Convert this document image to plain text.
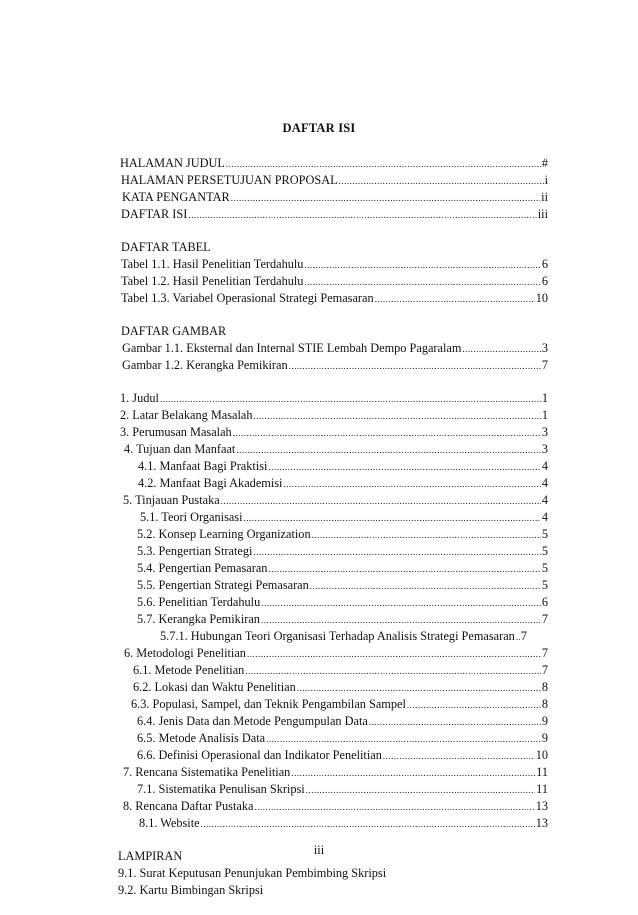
DAFTAR ISI
HALAMAN JUDUL .....	#
HALAMAN PERSETUJUAN PROPOSAL .....	i
KATA PENGANTAR .....	ii
DAFTAR ISI .....	iii
DAFTAR TABEL
Tabel 1.1. Hasil Penelitian Terdahulu .....	6
Tabel 1.2. Hasil Penelitian Terdahulu .....	6
Tabel 1.3. Variabel Operasional Strategi Pemasaran .....	10
DAFTAR GAMBAR
Gambar 1.1. Eksternal dan Internal STIE Lembah Dempo Pagaralam .....	3
Gambar 1.2. Kerangka Pemikiran .....	7
1. Judul .....	1
2. Latar Belakang Masalah .....	1
3. Perumusan Masalah .....	3
4. Tujuan dan Manfaat .....	3
4.1. Manfaat Bagi Praktisi .....	4
4.2. Manfaat Bagi Akademisi .....	4
5. Tinjauan Pustaka .....	4
5.1. Teori Organisasi .....	4
5.2. Konsep Learning Organization .....	5
5.3. Pengertian Strategi .....	5
5.4. Pengertian Pemasaran .....	5
5.5. Pengertian Strategi Pemasaran .....	5
5.6. Penelitian Terdahulu .....	6
5.7. Kerangka Pemikiran .....	7
5.7.1. Hubungan Teori Organisasi Terhadap Analisis Strategi Pemasaran ..... 7
6. Metodologi Penelitian .....	7
6.1. Metode Penelitian .....	7
6.2. Lokasi dan Waktu Penelitian .....	8
6.3. Populasi, Sampel, dan Teknik Pengambilan Sampel .....	8
6.4. Jenis Data dan Metode Pengumpulan Data .....	9
6.5. Metode Analisis Data .....	9
6.6. Definisi Operasional dan Indikator Penelitian .....	10
7. Rencana Sistematika Penelitian .....	11
7.1. Sistematika Penulisan Skripsi .....	11
8. Rencana Daftar Pustaka .....	13
8.1. Website .....	13
LAMPIRAN
9.1. Surat Keputusan Penunjukan Pembimbing Skripsi
9.2. Kartu Bimbingan Skripsi
iii
